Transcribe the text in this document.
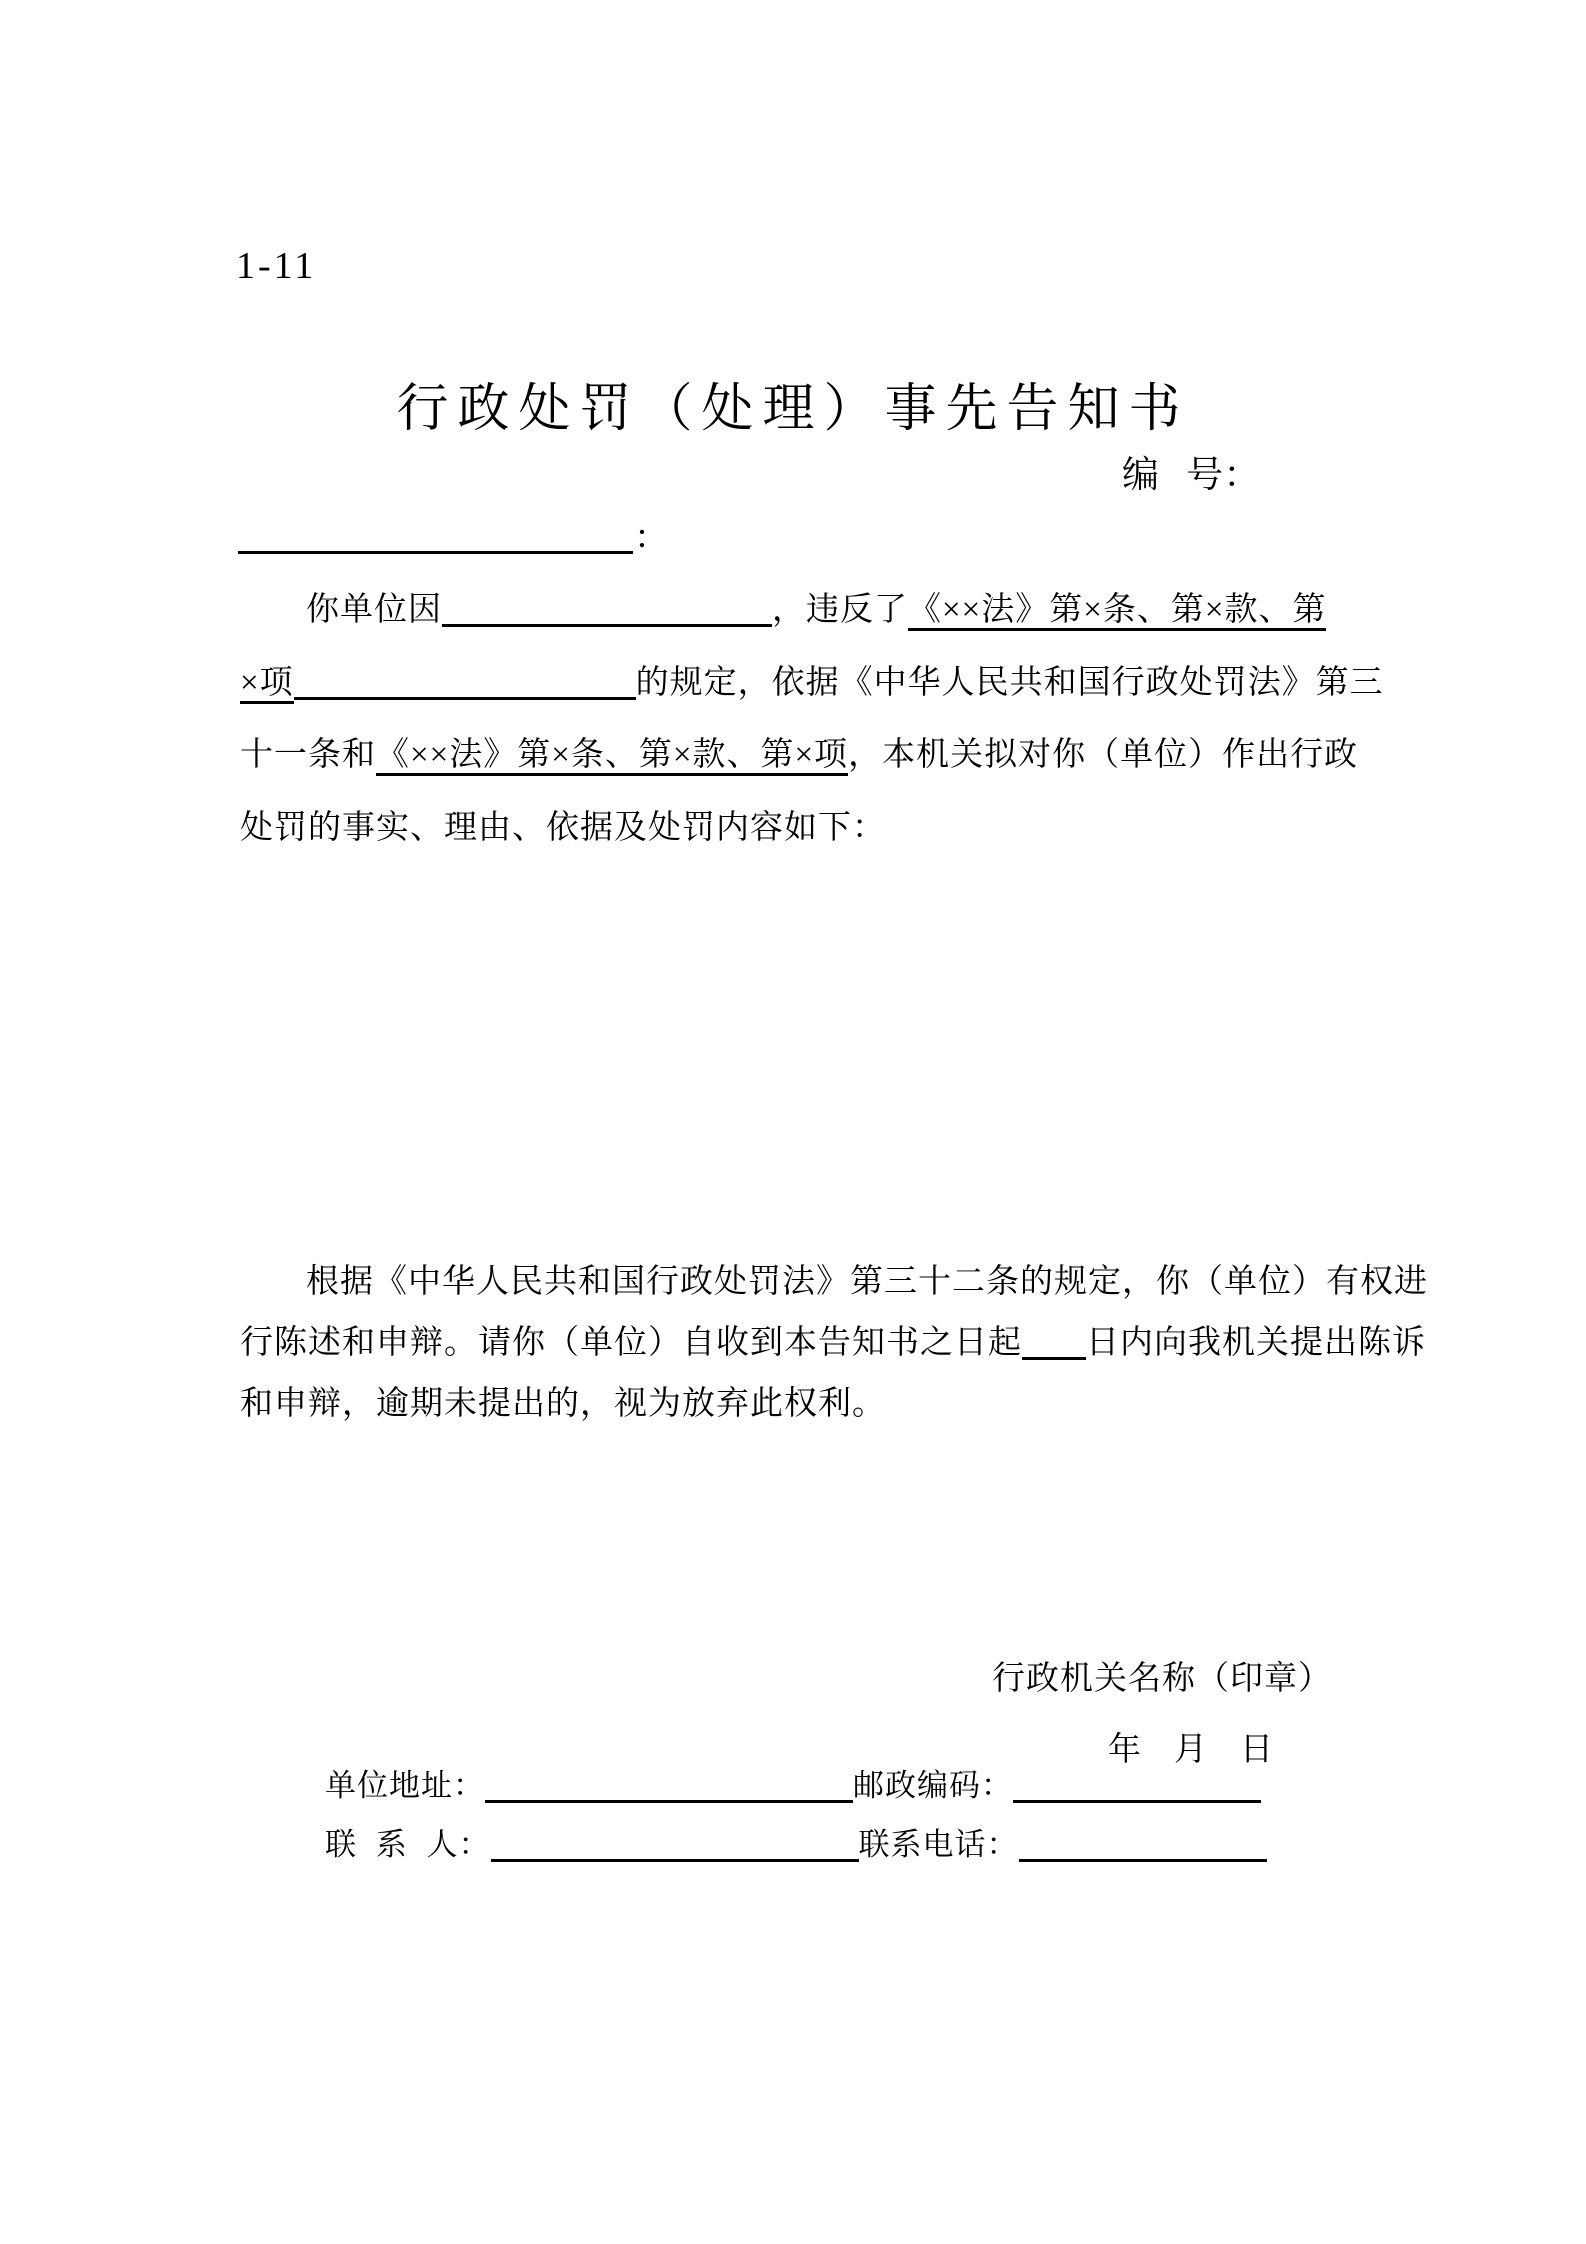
1-11
行政处罚（处理）事先告知书
编 号：
:
你单位因	，违反了《××法》第×条、第×款、第
×项	的规定，依据《中华人民共和国行政处罚法》第三
十一条和《××法》第×条、第×款、第×项，本机关拟对你（单位）作出行政
处罚的事实、理由、依据及处罚内容如下：
根据《中华人民共和国行政处罚法》第三十二条的规定，你（单位）有权进
行陈述和申辩。请你（单位）自收到本告知书之日起 日内向我机关提出陈诉
和申辩，逾期未提出的，视为放弃此权利。
行政机关名称（印章）
年　月　日
单位地址：	邮政编码：
联 系 人：	联系电话：
